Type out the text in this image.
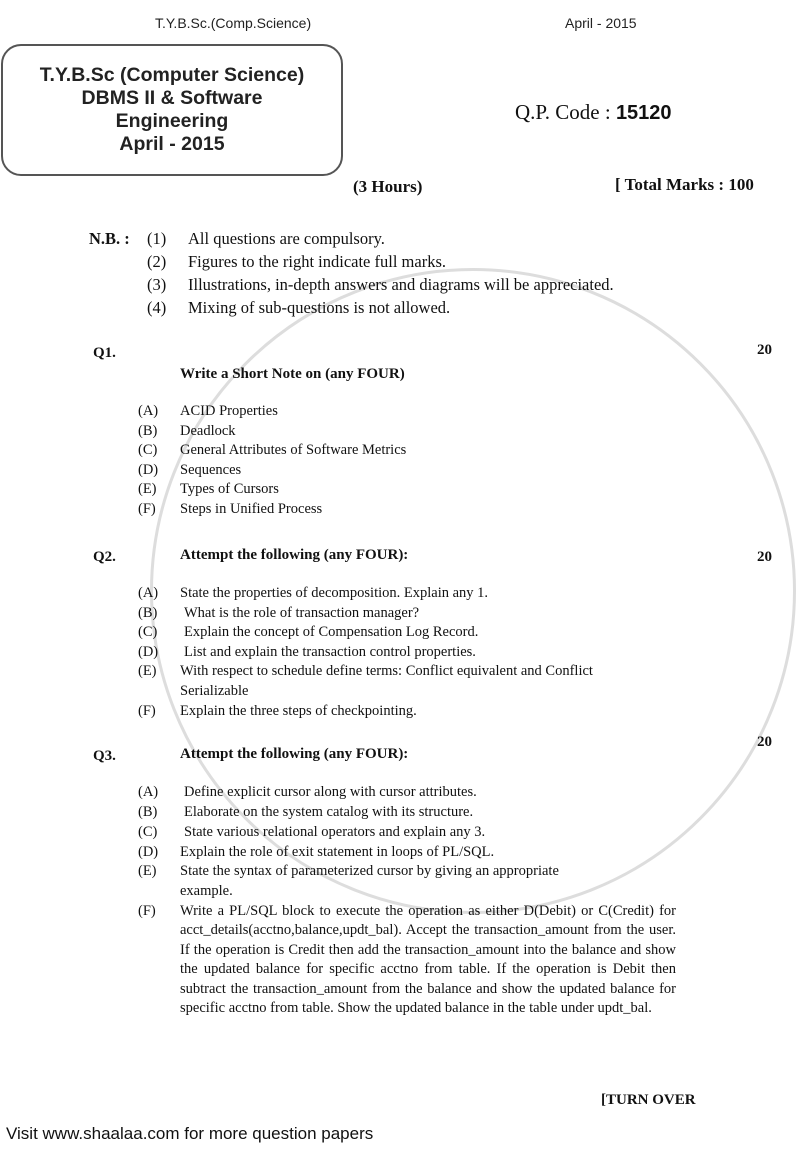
T.Y.B.Sc.(Comp.Science)	April - 2015
T.Y.B.Sc (Computer Science)
DBMS II & Software
Engineering
April - 2015
Q.P. Code : 15120
(3 Hours)	[ Total Marks : 100
N.B. : (1) All questions are compulsory.
(2) Figures to the right indicate full marks.
(3) Illustrations, in-depth answers and diagrams will be appreciated.
(4) Mixing of sub-questions is not allowed.
Q1.	20
Write a Short Note on (any FOUR)
(A) ACID Properties
(B) Deadlock
(C) General Attributes of Software Metrics
(D) Sequences
(E) Types of Cursors
(F) Steps in Unified Process
Q2.	20
Attempt the following (any FOUR):
(A) State the properties of decomposition. Explain any 1.
(B) What is the role of transaction manager?
(C) Explain the concept of Compensation Log Record.
(D) List and explain the transaction control properties.
(E) With respect to schedule define terms: Conflict equivalent and Conflict
Serializable
(F) Explain the three steps of checkpointing.
Q3.
20
Attempt the following (any FOUR):
(A) Define explicit cursor along with cursor attributes.
(B) Elaborate on the system catalog with its structure.
(C) State various relational operators and explain any 3.
(D) Explain the role of exit statement in loops of PL/SQL.
(E) State the syntax of parameterized cursor by giving an appropriate
example.
(F) Write a PL/SQL block to execute the operation as either D(Debit) or C(Credit) for acct_details(acctno,balance,updt_bal). Accept the transaction_amount from the user. If the operation is Credit then add the transaction_amount into the balance and show the updated balance for specific acctno from table. If the operation is Debit then subtract the transaction_amount from the balance and show the updated balance for specific acctno from table. Show the updated balance in the table under updt_bal.
[TURN OVER
Visit www.shaalaa.com for more question papers
